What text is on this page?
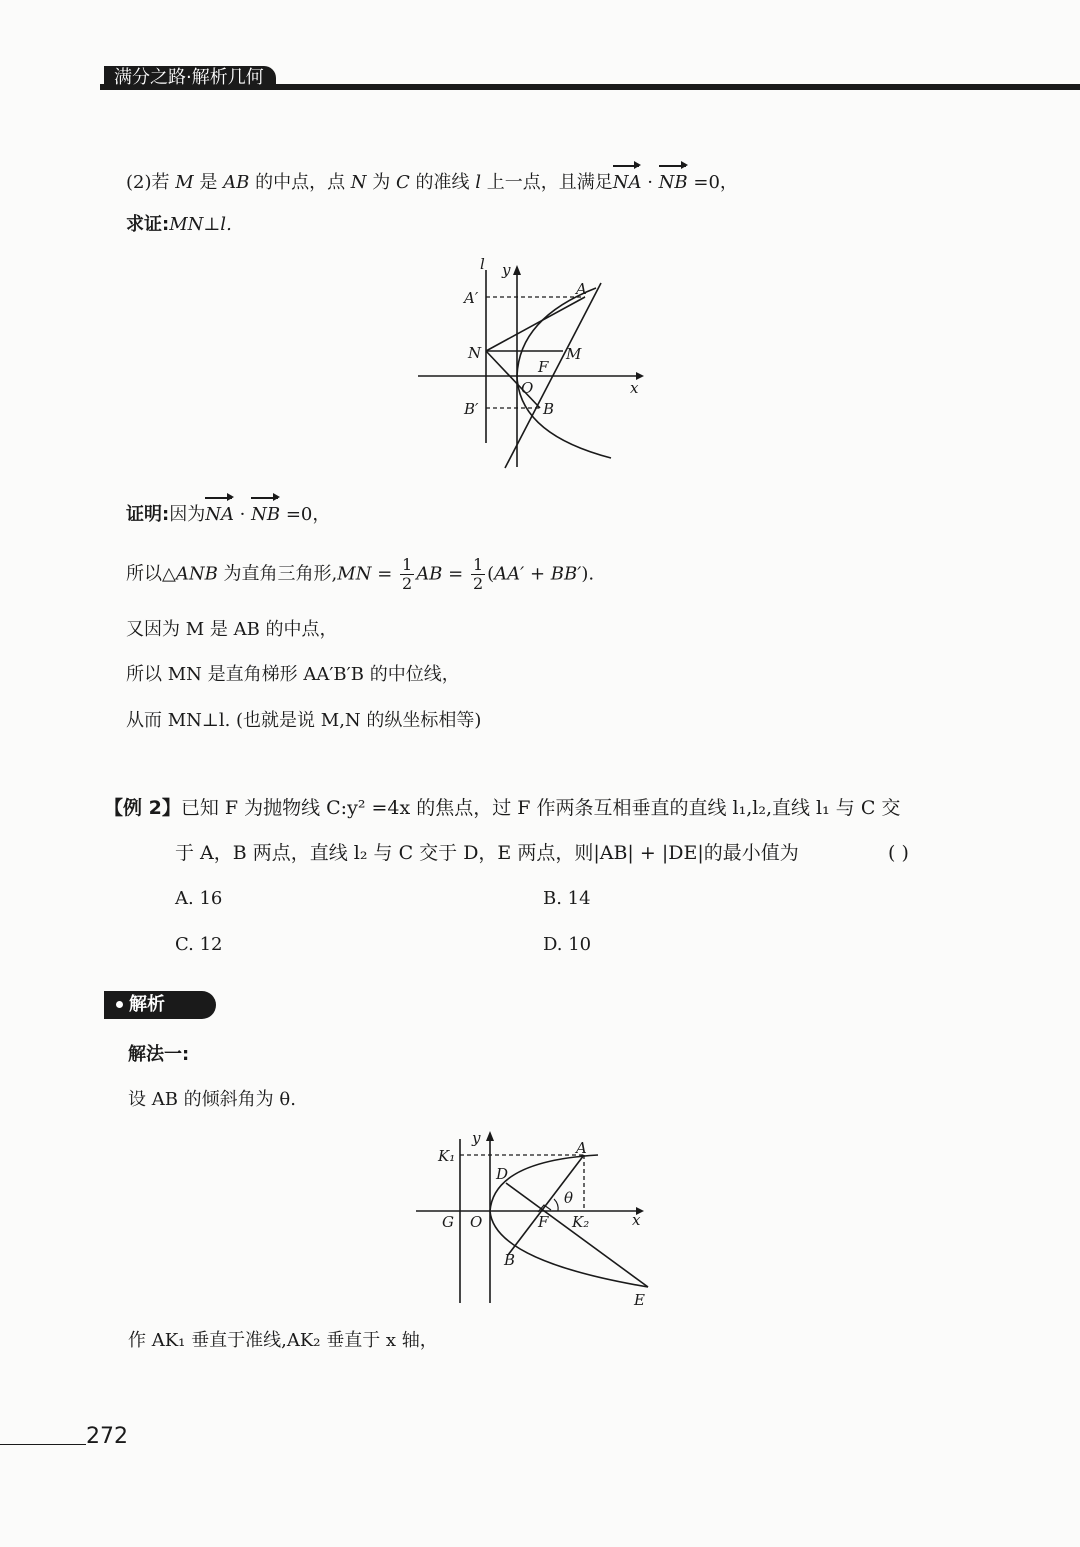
满分之路·解析几何
(2)若 M 是 AB 的中点，点 N 为 C 的准线 l 上一点，且满足NA · NB =0，
求证:MN⊥l.
l y
x
A
A′
N	M
F
O
B′	B
证明:因为NA · NB =0，
所以△ANB 为直角三角形$,MN = \frac{1}{2}$ AB = $\frac{1}{2} (AA' + BB')$.
又因为 M 是 AB 的中点，
所以 MN 是直角梯形 AA′B′B 的中位线，
从而 MN⊥l. (也就是说 M,N 的纵坐标相等)
【例 2】已知 F 为抛物线 C:y² =4x 的焦点，过 F 作两条互相垂直的直线 l₁,l₂,直线 l₁ 与 C 交
于 A，B 两点，直线 l₂ 与 C 交于 D，E 两点，则|AB| + |DE|的最小值为	( )
A. 16	B. 14
C. 12	D. 10
解析
解法一:
设 AB 的倾斜角为 θ.
y
x
K₁	A
D
θ
G O	F K₂
B
E
作 AK₁ 垂直于准线,AK₂ 垂直于 x 轴，
272
